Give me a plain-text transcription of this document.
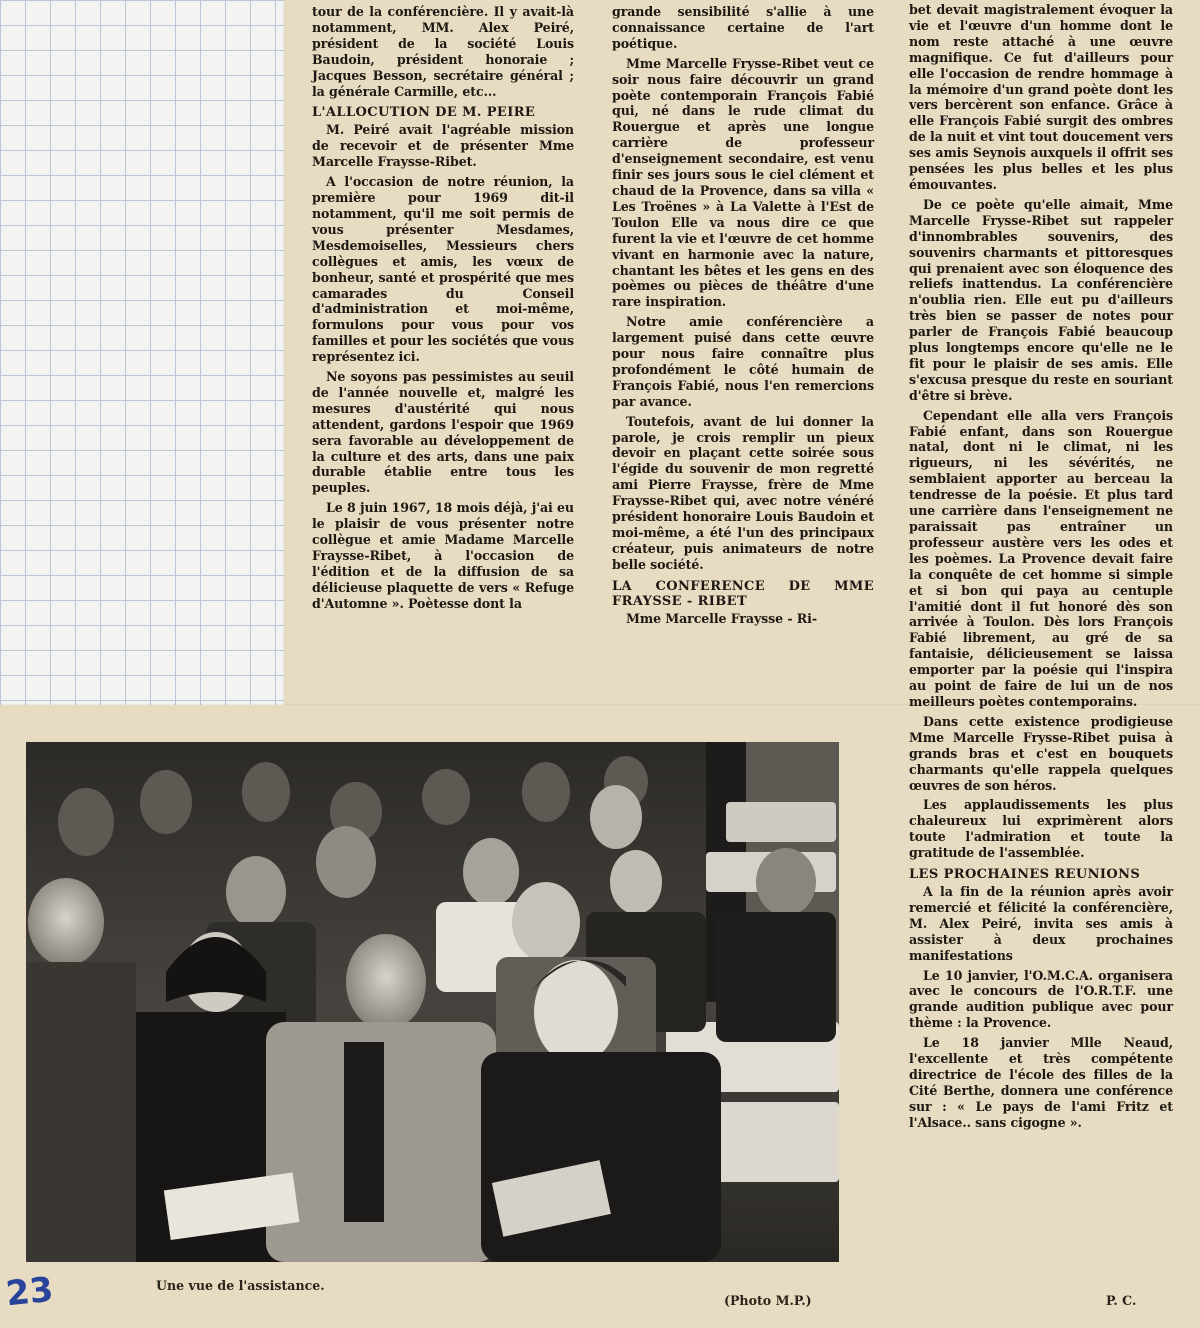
tour de la conférencière. Il y avait-là notamment, MM. Alex Peiré, président de la société Louis Baudoin, président honoraie ; Jacques Besson, secrétaire général ; la générale Carmille, etc...

L'ALLOCUTION DE M. PEIRE

M. Peiré avait l'agréable mission de recevoir et de présenter Mme Marcelle Fraysse-Ribet.

A l'occasion de notre réunion, la première pour 1969 dit-il notamment, qu'il me soit permis de vous présenter Mesdames, Mesdemoiselles, Messieurs chers collègues et amis, les vœux de bonheur, santé et prospérité que mes camarades du Conseil d'administration et moi-même, formulons pour vous pour vos familles et pour les sociétés que vous représentez ici.

Ne soyons pas pessimistes au seuil de l'année nouvelle et, malgré les mesures d'austérité qui nous attendent, gardons l'espoir que 1969 sera favorable au développement de la culture et des arts, dans une paix durable établie entre tous les peuples.

Le 8 juin 1967, 18 mois déjà, j'ai eu le plaisir de vous présenter notre collègue et amie Madame Marcelle Fraysse-Ribet, à l'occasion de l'édition et de la diffusion de sa délicieuse plaquette de vers « Refuge d'Automne ». Poètesse dont la

grande sensibilité s'allie à une connaissance certaine de l'art poétique.

Mme Marcelle Frysse-Ribet veut ce soir nous faire découvrir un grand poète contemporain François Fabié qui, né dans le rude climat du Rouergue et après une longue carrière de professeur d'enseignement secondaire, est venu finir ses jours sous le ciel clément et chaud de la Provence, dans sa villa « Les Troënes » à La Valette à l'Est de Toulon Elle va nous dire ce que furent la vie et l'œuvre de cet homme vivant en harmonie avec la nature, chantant les bêtes et les gens en des poèmes ou pièces de théâtre d'une rare inspiration.

Notre amie conférencière a largement puisé dans cette œuvre pour nous faire connaître plus profondément le côté humain de François Fabié, nous l'en remercions par avance.

Toutefois, avant de lui donner la parole, je crois remplir un pieux devoir en plaçant cette soirée sous l'égide du souvenir de mon regretté ami Pierre Fraysse, frère de Mme Fraysse-Ribet qui, avec notre vénéré président honoraire Louis Baudoin et moi-même, a été l'un des principaux créateur, puis animateurs de notre belle société.

LA CONFERENCE DE MME FRAYSSE - RIBET

Mme Marcelle Fraysse - Ri-

bet devait magistralement évoquer la vie et l'œuvre d'un homme dont le nom reste attaché à une œuvre magnifique. Ce fut d'ailleurs pour elle l'occasion de rendre hommage à la mémoire d'un grand poète dont les vers bercèrent son enfance. Grâce à elle François Fabié surgit des ombres de la nuit et vint tout doucement vers ses amis Seynois auxquels il offrit ses pensées les plus belles et les plus émouvantes.

De ce poète qu'elle aimait, Mme Marcelle Frysse-Ribet sut rappeler d'innombrables souvenirs, des souvenirs charmants et pittoresques qui prenaient avec son éloquence des reliefs inattendus. La conférencière n'oublia rien. Elle eut pu d'ailleurs très bien se passer de notes pour parler de François Fabié beaucoup plus longtemps encore qu'elle ne le fit pour le plaisir de ses amis. Elle s'excusa presque du reste en souriant d'être si brève.

Cependant elle alla vers François Fabié enfant, dans son Rouergue natal, dont ni le climat, ni les rigueurs, ni les sévérités, ne semblaient apporter au berceau la tendresse de la poésie. Et plus tard une carrière dans l'enseignement ne paraissait pas entraîner un professeur austère vers les odes et les poèmes. La Provence devait faire la conquête de cet homme si simple et si bon qui paya au centuple l'amitié dont il fut honoré dès son arrivée à Toulon. Dès lors François Fabié librement, au gré de sa fantaisie, délicieusement se laissa emporter par la poésie qui l'inspira au point de faire de lui un de nos meilleurs poètes contemporains.

Dans cette existence prodigieuse Mme Marcelle Frysse-Ribet puisa à grands bras et c'est en bouquets charmants qu'elle rappela quelques œuvres de son héros.

Les applaudissements les plus chaleureux lui exprimèrent alors toute l'admiration et toute la gratitude de l'assemblée.

LES PROCHAINES REUNIONS

A la fin de la réunion après avoir remercié et félicité la conférencière, M. Alex Peiré, invita ses amis à assister à deux prochaines manifestations

Le 10 janvier, l'O.M.C.A. organisera avec le concours de l'O.R.T.F. une grande audition publique avec pour thème : la Provence.

Le 18 janvier Mlle Neaud, l'excellente et très compétente directrice de l'école des filles de la Cité Berthe, donnera une conférence sur : « Le pays de l'ami Fritz et l'Alsace.. sans cigogne ».

23	Une vue de l'assistance.
(Photo M.P.)	P. C.
